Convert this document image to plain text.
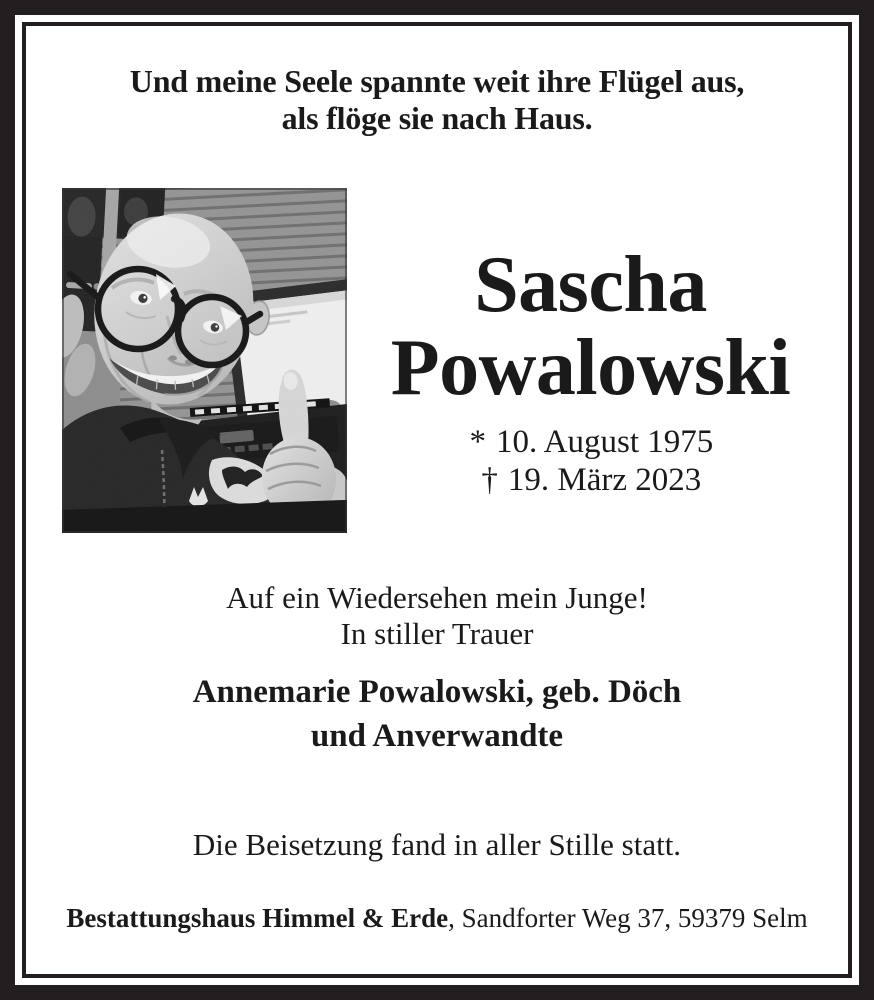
Und meine Seele spannte weit ihre Flügel aus,
als flöge sie nach Haus.
Sascha
Powalowski
* 10. August 1975
† 19. März 2023
Auf ein Wiedersehen mein Junge!
In stiller Trauer
Annemarie Powalowski, geb. Döch
und Anverwandte
Die Beisetzung fand in aller Stille statt.
Bestattungshaus Himmel & Erde, Sandforter Weg 37, 59379 Selm
